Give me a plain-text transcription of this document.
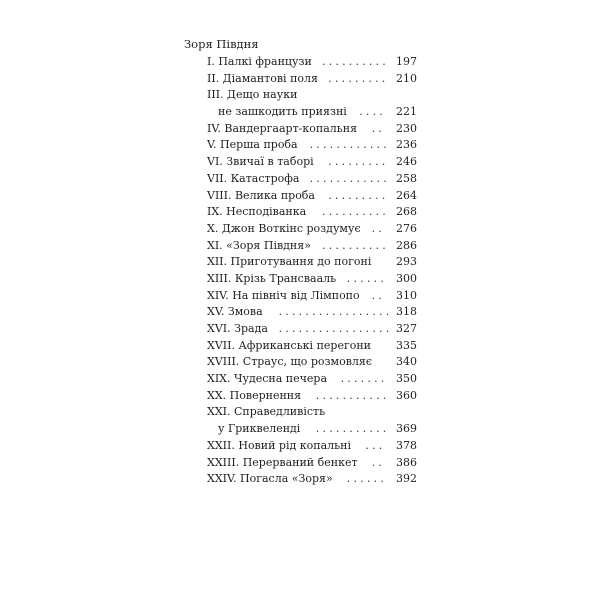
Зоря Півдня
I. Палкі французи .......... 197
II. Діамантові поля ......... 210
III. Дещо науки
не зашкодить приязні .... 221
IV. Вандергаарт-копальня ..	230
V. Перша проба ............ 236
VI. Звичаї в таборі ......... 246
VII. Катастрофа ............ 258
VIII. Велика проба ......... 264
IX. Несподіванка .......... 268
X. Джон Воткінс роздумує ..	276
XI. «Зоря Півдня» .......... 286
XII. Приготування до погоні	293
XIII. Крізь Трансвааль ...... 300
XIV. На північ від Лімпопо ..	310
XV. Змова ................. 318
XVI. Зрада ................. 327
XVII. Африканські перегони	335
XVIII. Страус, що розмовляє	340
XIX. Чудесна печера ....... 350
XX. Повернення ........... 360
XXI. Справедливість
у Гриквеленді ........... 369
XXII. Новий рід копальні ... 378
XXIII. Перерваний бенкет ..	386
XXIV. Погасла «Зоря» ...... 392
